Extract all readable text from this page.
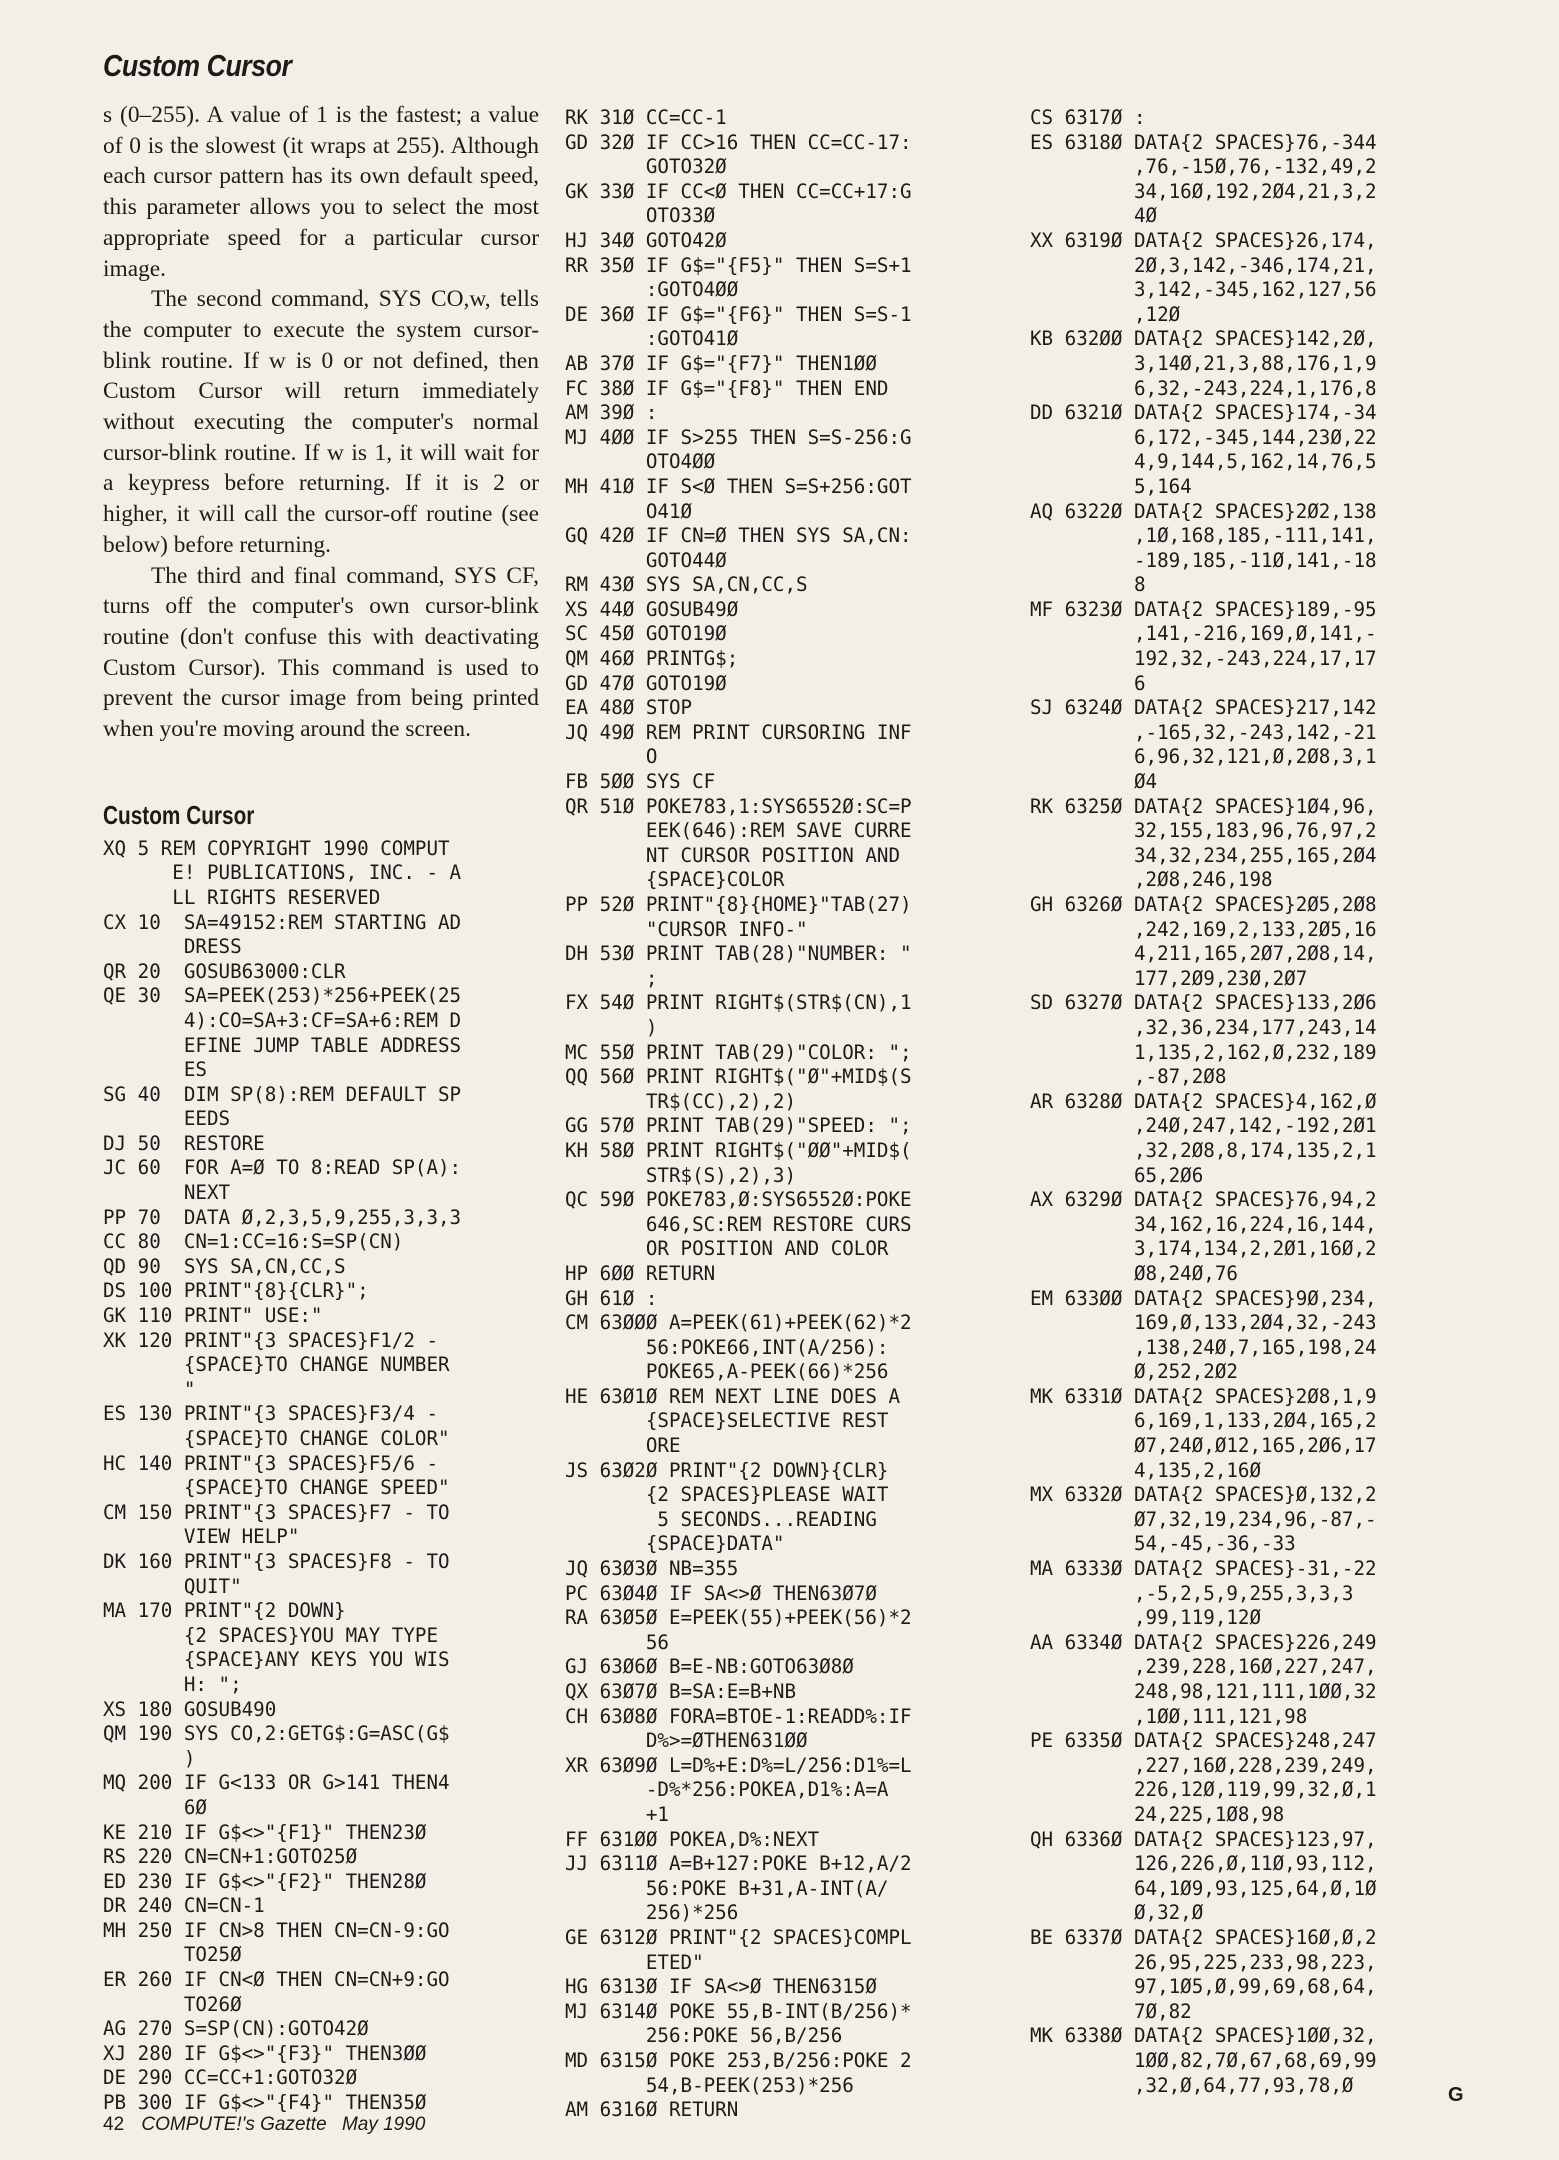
Custom Cursor

s (0–255). A value of 1 is the fastest; a value of 0 is the slowest (it wraps at 255). Although each cursor pattern has its own default speed, this parameter allows you to select the most appropriate speed for a particular cursor image.

The second command, SYS CO,w, tells the computer to execute the system cursor-blink routine. If w is 0 or not defined, then Custom Cursor will return immediately without executing the computer's normal cursor-blink routine. If w is 1, it will wait for a keypress before returning. If it is 2 or higher, it will call the cursor-off routine (see below) before returning.

The third and final command, SYS CF, turns off the computer's own cursor-blink routine (don't confuse this with deactivating Custom Cursor). This command is used to prevent the cursor image from being printed when you're moving around the screen.

Custom Cursor
XQ 5 REM COPYRIGHT 1990 COMPUT
E! PUBLICATIONS, INC. - A
LL RIGHTS RESERVED
CX 10  SA=49152:REM STARTING AD
DRESS
QR 20  GOSUB63000:CLR
QE 30  SA=PEEK(253)*256+PEEK(25
4):CO=SA+3:CF=SA+6:REM D
EFINE JUMP TABLE ADDRESS
ES
SG 40  DIM SP(8):REM DEFAULT SP
EEDS
DJ 50  RESTORE
JC 60  FOR A=Ø TO 8:READ SP(A):
NEXT
PP 70  DATA Ø,2,3,5,9,255,3,3,3
CC 80  CN=1:CC=16:S=SP(CN)
QD 90  SYS SA,CN,CC,S
DS 100 PRINT"{8}{CLR}";
GK 110 PRINT" USE:"
XK 120 PRINT"{3 SPACES}F1/2 -
{SPACE}TO CHANGE NUMBER
"
ES 130 PRINT"{3 SPACES}F3/4 -
{SPACE}TO CHANGE COLOR"
HC 140 PRINT"{3 SPACES}F5/6 -
{SPACE}TO CHANGE SPEED"
CM 150 PRINT"{3 SPACES}F7 - TO
VIEW HELP"
DK 160 PRINT"{3 SPACES}F8 - TO
QUIT"
MA 170 PRINT"{2 DOWN}
{2 SPACES}YOU MAY TYPE
{SPACE}ANY KEYS YOU WIS
H: ";
XS 180 GOSUB490
QM 190 SYS CO,2:GETG$:G=ASC(G$
)
MQ 200 IF G<133 OR G>141 THEN4
6Ø
KE 210 IF G$<>"{F1}" THEN23Ø
RS 220 CN=CN+1:GOTO25Ø
ED 230 IF G$<>"{F2}" THEN28Ø
DR 240 CN=CN-1
MH 250 IF CN>8 THEN CN=CN-9:GO
TO25Ø
ER 260 IF CN<Ø THEN CN=CN+9:GO
TO26Ø
AG 270 S=SP(CN):GOTO42Ø
XJ 280 IF G$<>"{F3}" THEN3ØØ
DE 290 CC=CC+1:GOTO32Ø
PB 300 IF G$<>"{F4}" THEN35Ø
RK 31Ø CC=CC-1
GD 32Ø IF CC>16 THEN CC=CC-17:
GOTO32Ø
GK 33Ø IF CC<Ø THEN CC=CC+17:G
OTO33Ø
HJ 34Ø GOTO42Ø
RR 35Ø IF G$="{F5}" THEN S=S+1
:GOTO4ØØ
DE 36Ø IF G$="{F6}" THEN S=S-1
:GOTO41Ø
AB 37Ø IF G$="{F7}" THEN1ØØ
FC 38Ø IF G$="{F8}" THEN END
AM 39Ø :
MJ 4ØØ IF S>255 THEN S=S-256:G
OTO4ØØ
MH 41Ø IF S<Ø THEN S=S+256:GOT
O41Ø
GQ 42Ø IF CN=Ø THEN SYS SA,CN:
GOTO44Ø
RM 43Ø SYS SA,CN,CC,S
XS 44Ø GOSUB49Ø
SC 45Ø GOTO19Ø
QM 46Ø PRINTG$;
GD 47Ø GOTO19Ø
EA 48Ø STOP
JQ 49Ø REM PRINT CURSORING INF
O
FB 5ØØ SYS CF
QR 51Ø POKE783,1:SYS6552Ø:SC=P
EEK(646):REM SAVE CURRE
NT CURSOR POSITION AND
{SPACE}COLOR
PP 52Ø PRINT"{8}{HOME}"TAB(27)
"CURSOR INFO-"
DH 53Ø PRINT TAB(28)"NUMBER: "
;
FX 54Ø PRINT RIGHT$(STR$(CN),1
)
MC 55Ø PRINT TAB(29)"COLOR: ";
QQ 56Ø PRINT RIGHT$("Ø"+MID$(S
TR$(CC),2),2)
GG 57Ø PRINT TAB(29)"SPEED: ";
KH 58Ø PRINT RIGHT$("ØØ"+MID$(
STR$(S),2),3)
QC 59Ø POKE783,Ø:SYS6552Ø:POKE
646,SC:REM RESTORE CURS
OR POSITION AND COLOR
HP 6ØØ RETURN
GH 61Ø :
CM 63ØØØ A=PEEK(61)+PEEK(62)*2
56:POKE66,INT(A/256):
POKE65,A-PEEK(66)*256
HE 63Ø1Ø REM NEXT LINE DOES A
{SPACE}SELECTIVE REST
ORE
JS 63Ø2Ø PRINT"{2 DOWN}{CLR}
{2 SPACES}PLEASE WAIT
5 SECONDS...READING
{SPACE}DATA"
JQ 63Ø3Ø NB=355
PC 63Ø4Ø IF SA<>Ø THEN63Ø7Ø
RA 63Ø5Ø E=PEEK(55)+PEEK(56)*2
56
GJ 63Ø6Ø B=E-NB:GOTO63Ø8Ø
QX 63Ø7Ø B=SA:E=B+NB
CH 63Ø8Ø FORA=BTOE-1:READD%:IF
D%>=ØTHEN631ØØ
XR 63Ø9Ø L=D%+E:D%=L/256:D1%=L
-D%*256:POKEA,D1%:A=A
+1
FF 631ØØ POKEA,D%:NEXT
JJ 6311Ø A=B+127:POKE B+12,A/2
56:POKE B+31,A-INT(A/
256)*256
GE 6312Ø PRINT"{2 SPACES}COMPL
ETED"
HG 6313Ø IF SA<>Ø THEN6315Ø
MJ 6314Ø POKE 55,B-INT(B/256)*
256:POKE 56,B/256
MD 6315Ø POKE 253,B/256:POKE 2
54,B-PEEK(253)*256
AM 6316Ø RETURN
CS 6317Ø :
ES 6318Ø DATA{2 SPACES}76,-344
,76,-15Ø,76,-132,49,2
34,16Ø,192,2Ø4,21,3,2
4Ø
XX 6319Ø DATA{2 SPACES}26,174,
2Ø,3,142,-346,174,21,
3,142,-345,162,127,56
,12Ø
KB 632ØØ DATA{2 SPACES}142,2Ø,
3,14Ø,21,3,88,176,1,9
6,32,-243,224,1,176,8
DD 6321Ø DATA{2 SPACES}174,-34
6,172,-345,144,23Ø,22
4,9,144,5,162,14,76,5
5,164
AQ 6322Ø DATA{2 SPACES}2Ø2,138
,1Ø,168,185,-111,141,
-189,185,-11Ø,141,-18
8
MF 6323Ø DATA{2 SPACES}189,-95
,141,-216,169,Ø,141,-
192,32,-243,224,17,17
6
SJ 6324Ø DATA{2 SPACES}217,142
,-165,32,-243,142,-21
6,96,32,121,Ø,2Ø8,3,1
Ø4
RK 6325Ø DATA{2 SPACES}1Ø4,96,
32,155,183,96,76,97,2
34,32,234,255,165,2Ø4
,2Ø8,246,198
GH 6326Ø DATA{2 SPACES}2Ø5,2Ø8
,242,169,2,133,2Ø5,16
4,211,165,2Ø7,2Ø8,14,
177,2Ø9,23Ø,2Ø7
SD 6327Ø DATA{2 SPACES}133,2Ø6
,32,36,234,177,243,14
1,135,2,162,Ø,232,189
,-87,2Ø8
AR 6328Ø DATA{2 SPACES}4,162,Ø
,24Ø,247,142,-192,2Ø1
,32,2Ø8,8,174,135,2,1
65,2Ø6
AX 6329Ø DATA{2 SPACES}76,94,2
34,162,16,224,16,144,
3,174,134,2,2Ø1,16Ø,2
Ø8,24Ø,76
EM 633ØØ DATA{2 SPACES}9Ø,234,
169,Ø,133,2Ø4,32,-243
,138,24Ø,7,165,198,24
Ø,252,2Ø2
MK 6331Ø DATA{2 SPACES}2Ø8,1,9
6,169,1,133,2Ø4,165,2
Ø7,24Ø,Ø12,165,2Ø6,17
4,135,2,16Ø
MX 6332Ø DATA{2 SPACES}Ø,132,2
Ø7,32,19,234,96,-87,-
54,-45,-36,-33
MA 6333Ø DATA{2 SPACES}-31,-22
,-5,2,5,9,255,3,3,3
,99,119,12Ø
AA 6334Ø DATA{2 SPACES}226,249
,239,228,16Ø,227,247,
248,98,121,111,1ØØ,32
,1ØØ,111,121,98
PE 6335Ø DATA{2 SPACES}248,247
,227,16Ø,228,239,249,
226,12Ø,119,99,32,Ø,1
24,225,1Ø8,98
QH 6336Ø DATA{2 SPACES}123,97,
126,226,Ø,11Ø,93,112,
64,1Ø9,93,125,64,Ø,1Ø
Ø,32,Ø
BE 6337Ø DATA{2 SPACES}16Ø,Ø,2
26,95,225,233,98,223,
97,1Ø5,Ø,99,69,68,64,
7Ø,82
MK 6338Ø DATA{2 SPACES}1ØØ,32,
1ØØ,82,7Ø,67,68,69,99
,32,Ø,64,77,93,78,Ø	G
42 COMPUTE!'s Gazette May 1990
